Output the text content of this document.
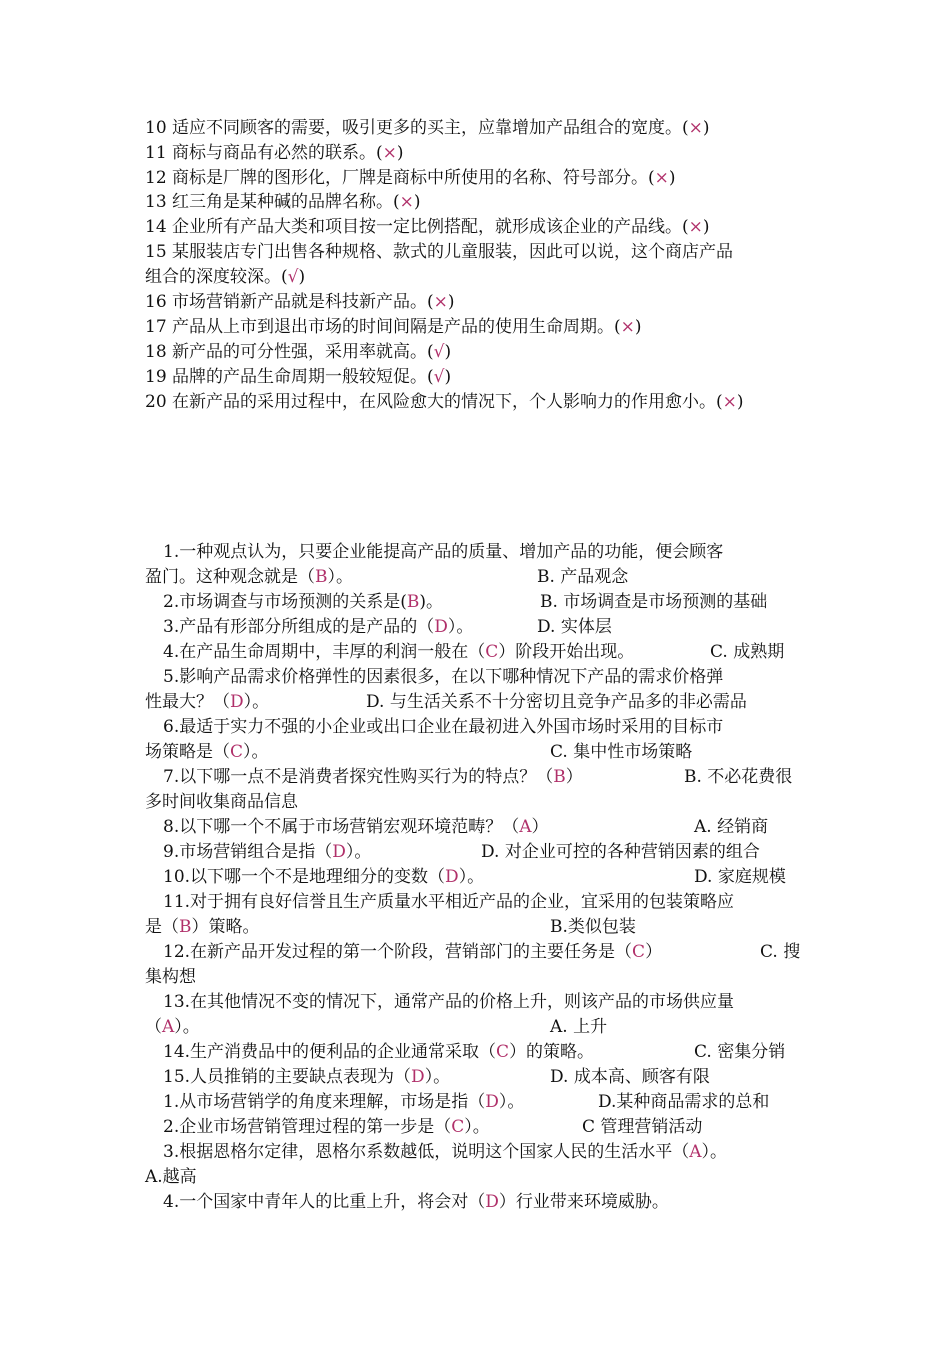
10 适应不同顾客的需要，吸引更多的买主，应靠增加产品组合的宽度。(×)
11 商标与商品有必然的联系。(×)
12 商标是厂牌的图形化，厂牌是商标中所使用的名称、符号部分。(×)
13 红三角是某种碱的品牌名称。(×)
14 企业所有产品大类和项目按一定比例搭配，就形成该企业的产品线。(×)
15 某服装店专门出售各种规格、款式的儿童服装，因此可以说，这个商店产品
组合的深度较深。(√)
16 市场营销新产品就是科技新产品。(×)
17 产品从上市到退出市场的时间间隔是产品的使用生命周期。(×)
18 新产品的可分性强，采用率就高。(√)
19 品牌的产品生命周期一般较短促。(√)
20 在新产品的采用过程中，在风险愈大的情况下，个人影响力的作用愈小。(×)
1.一种观点认为，只要企业能提高产品的质量、增加产品的功能，便会顾客
盈门。这种观念就是（B）。	B. 产品观念
2.市场调查与市场预测的关系是(B)。	B. 市场调查是市场预测的基础
3.产品有形部分所组成的是产品的（D）。	D. 实体层
4.在产品生命周期中，丰厚的利润一般在（C）阶段开始出现。	C. 成熟期
5.影响产品需求价格弹性的因素很多，在以下哪种情况下产品的需求价格弹
性最大？（D）。	D. 与生活关系不十分密切且竞争产品多的非必需品
6.最适于实力不强的小企业或出口企业在最初进入外国市场时采用的目标市
场策略是（C）。	C. 集中性市场策略
7.以下哪一点不是消费者探究性购买行为的特点？（B）	B. 不必花费很
多时间收集商品信息
8.以下哪一个不属于市场营销宏观环境范畴？（A）	A. 经销商
9.市场营销组合是指（D）。	D. 对企业可控的各种营销因素的组合
10.以下哪一个不是地理细分的变数（D）。	D. 家庭规模
11.对于拥有良好信誉且生产质量水平相近产品的企业，宜采用的包装策略应
是（B）策略。	B.类似包装
12.在新产品开发过程的第一个阶段，营销部门的主要任务是（C）	C. 搜
集构想
13.在其他情况不变的情况下，通常产品的价格上升，则该产品的市场供应量
（A）。	A. 上升
14.生产消费品中的便利品的企业通常采取（C）的策略。	C. 密集分销
15.人员推销的主要缺点表现为（D）。	D. 成本高、顾客有限
1.从市场营销学的角度来理解，市场是指（D）。	D.某种商品需求的总和
2.企业市场营销管理过程的第一步是（C）。	C 管理营销活动
3.根据恩格尔定律，恩格尔系数越低，说明这个国家人民的生活水平（A）。
A.越高
4.一个国家中青年人的比重上升，将会对（D）行业带来环境威胁。
